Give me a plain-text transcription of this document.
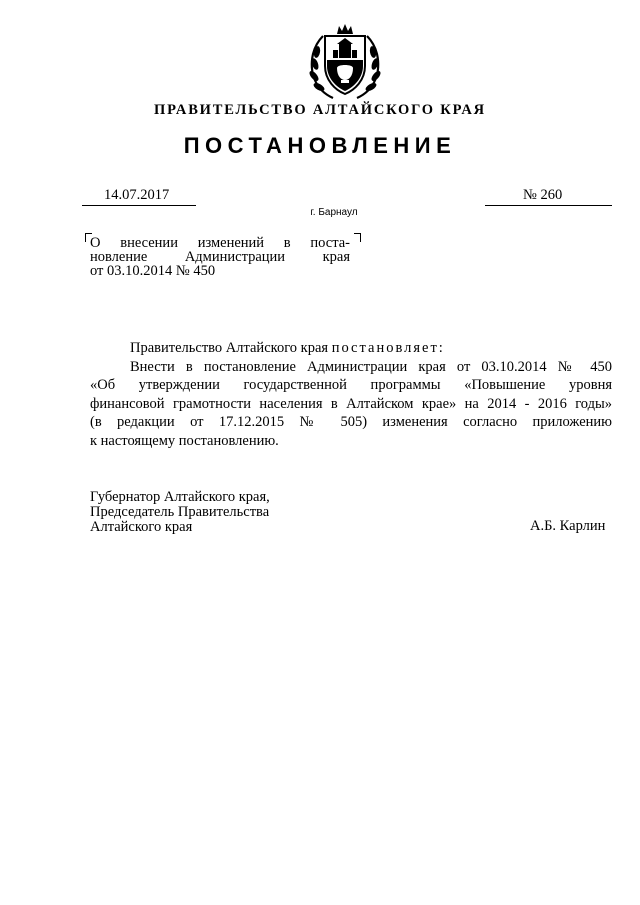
ПРАВИТЕЛЬСТВО АЛТАЙСКОГО КРАЯ
ПОСТАНОВЛЕНИЕ
14.07.2017	№ 260
г. Барнаул
О внесении изменений в поста-
новление Администрации края
от 03.10.2014 № 450
Правительство Алтайского края постановляет:
Внести в постановление Администрации края от 03.10.2014 № 450
«Об утверждении государственной программы «Повышение уровня
финансовой грамотности населения в Алтайском крае» на 2014 - 2016 годы»
(в редакции от 17.12.2015 № 505) изменения согласно приложению
к настоящему постановлению.
Губернатор Алтайского края,
Председатель Правительства
Алтайского края	А.Б. Карлин
